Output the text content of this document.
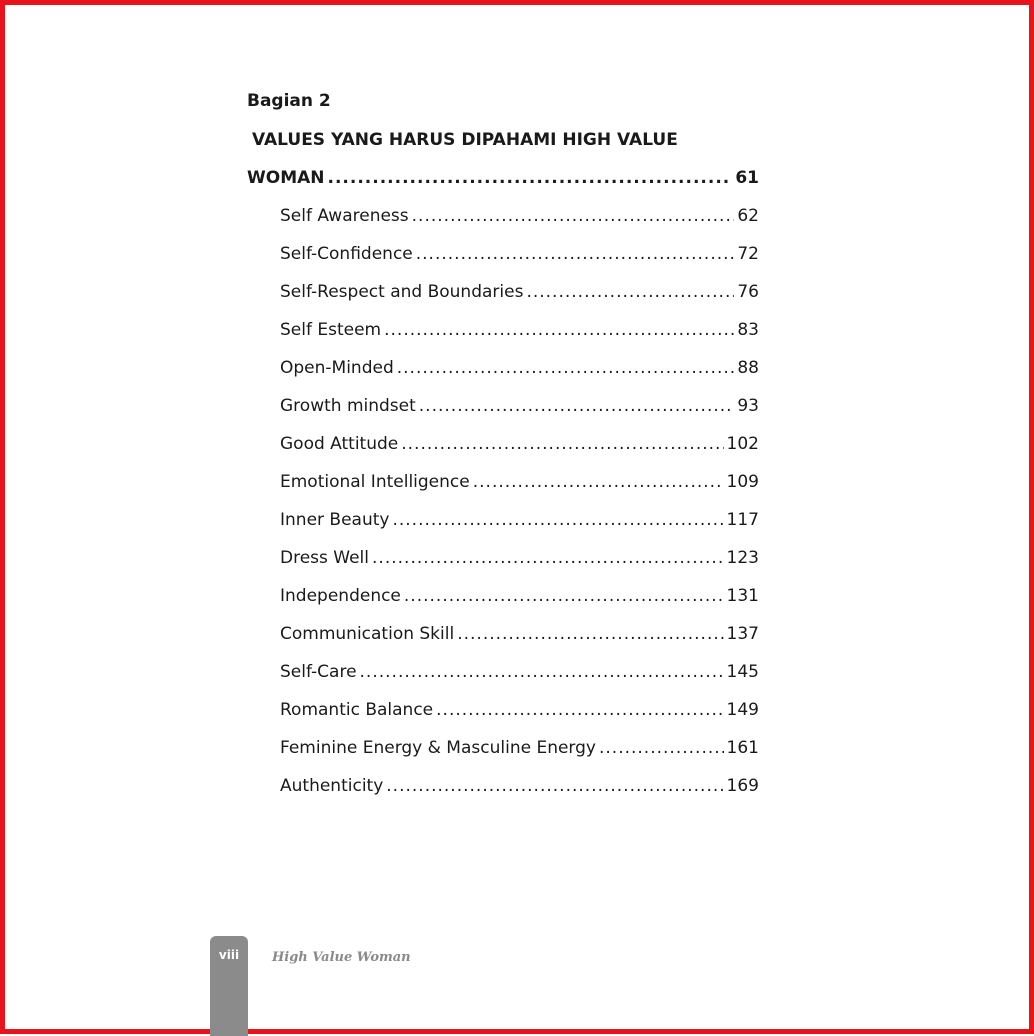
Bagian 2
VALUES YANG HARUS DIPAHAMI HIGH VALUE
WOMAN .....	61
Self Awareness .....	62
Self-Confidence .....	72
Self-Respect and Boundaries .....	76
Self Esteem .....	83
Open-Minded .....	88
Growth mindset .....	93
Good Attitude .....	102
Emotional Intelligence .....	109
Inner Beauty .....	117
Dress Well .....	123
Independence .....	131
Communication Skill .....	137
Self-Care .....	145
Romantic Balance .....	149
Feminine Energy & Masculine Energy .....	161
Authenticity .....	169
viii	High Value Woman
